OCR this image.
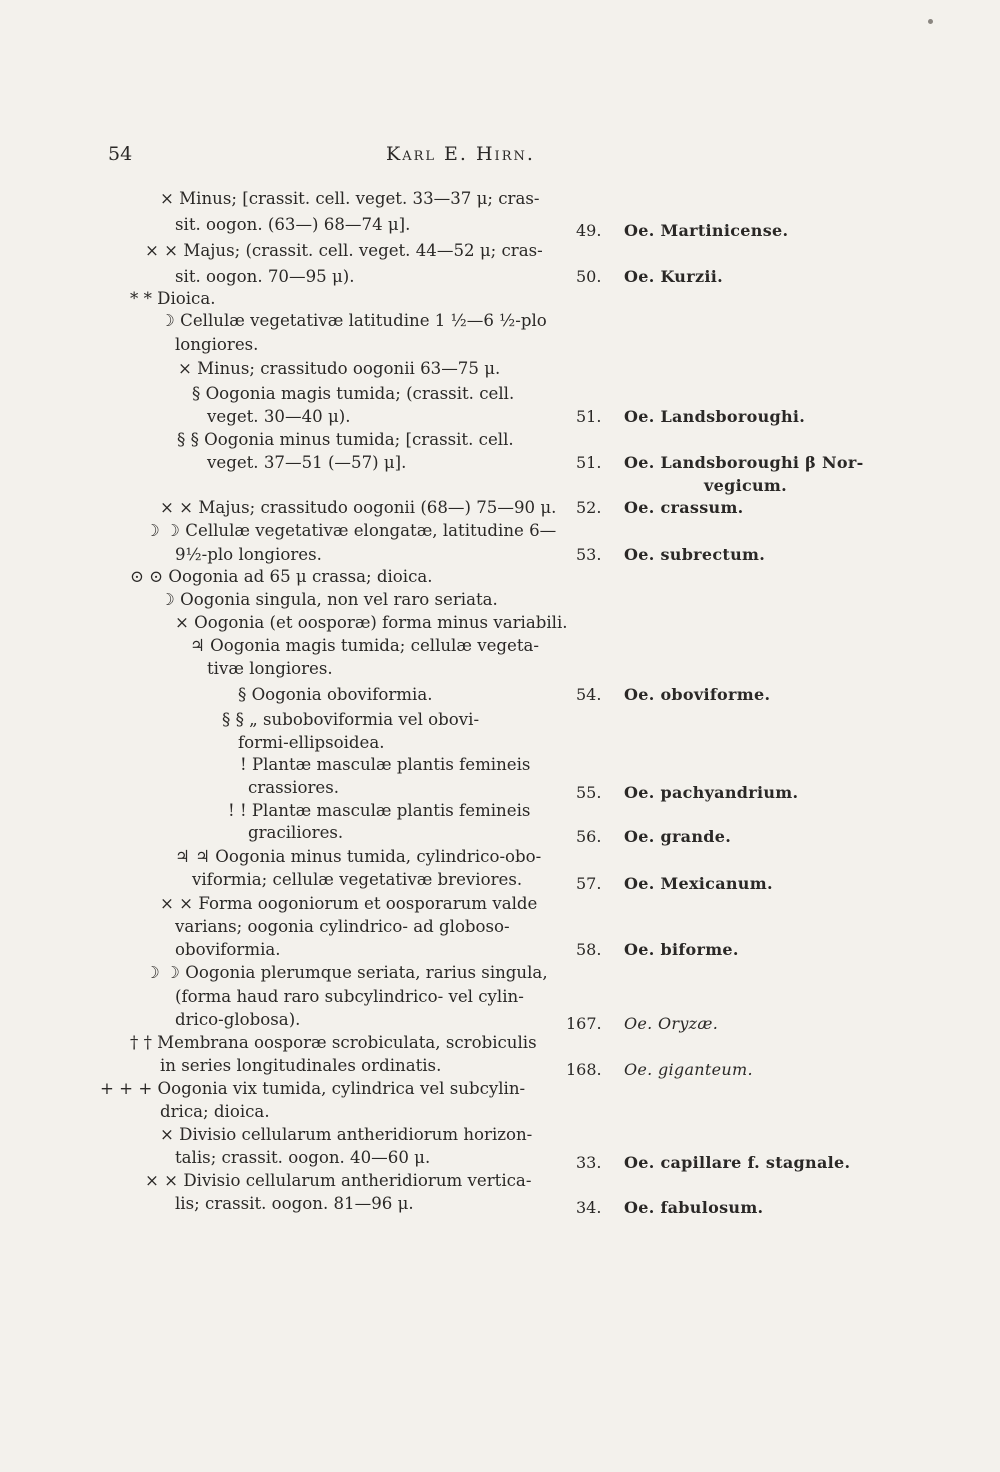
54	Karl E. Hirn.
× Minus; [crassit. cell. veget. 33—37 μ; cras-
sit. oogon. (63—) 68—74 μ].
× × Majus; (crassit. cell. veget. 44—52 μ; cras-
sit. oogon. 70—95 μ).
* * Dioica.
☽ Cellulæ vegetativæ latitudine 1 ½—6 ½-plo
longiores.
× Minus; crassitudo oogonii 63—75 μ.
§ Oogonia magis tumida; (crassit. cell.
veget. 30—40 μ).
§ § Oogonia minus tumida; [crassit. cell.
veget. 37—51 (—57) μ].
× × Majus; crassitudo oogonii (68—) 75—90 μ.
☽ ☽ Cellulæ vegetativæ elongatæ, latitudine 6—
9½-plo longiores.
⊙ ⊙ Oogonia ad 65 μ crassa; dioica.
☽ Oogonia singula, non vel raro seriata.
× Oogonia (et oosporæ) forma minus variabili.
♃ Oogonia magis tumida; cellulæ vegeta-
tivæ longiores.
§ Oogonia oboviformia.
§ § „ suboboviformia vel obovi-
formi-ellipsoidea.
! Plantæ masculæ plantis femineis
crassiores.
! ! Plantæ masculæ plantis femineis
graciliores.
♃ ♃ Oogonia minus tumida, cylindrico-obo-
viformia; cellulæ vegetativæ breviores.
× × Forma oogoniorum et oosporarum valde
varians; oogonia cylindrico- ad globoso-
oboviformia.
☽ ☽ Oogonia plerumque seriata, rarius singula,
(forma haud raro subcylindrico- vel cylin-
drico-globosa).
† † Membrana oosporæ scrobiculata, scrobiculis
in series longitudinales ordinatis.
+ + + Oogonia vix tumida, cylindrica vel subcylin-
drica; dioica.
× Divisio cellularum antheridiorum horizon-
talis; crassit. oogon. 40—60 μ.
× × Divisio cellularum antheridiorum vertica-
lis; crassit. oogon. 81—96 μ.
49. Oe. Martinicense.
50. Oe. Kurzii.
51. Oe. Landsboroughi.
51. Oe. Landsboroughi β Nor-
vegicum.
52. Oe. crassum.
53. Oe. subrectum.
54. Oe. oboviforme.
55. Oe. pachyandrium.
56. Oe. grande.
57. Oe. Mexicanum.
58. Oe. biforme.
167. Oe. Oryzæ.
168. Oe. giganteum.
33. Oe. capillare f. stagnale.
34. Oe. fabulosum.
